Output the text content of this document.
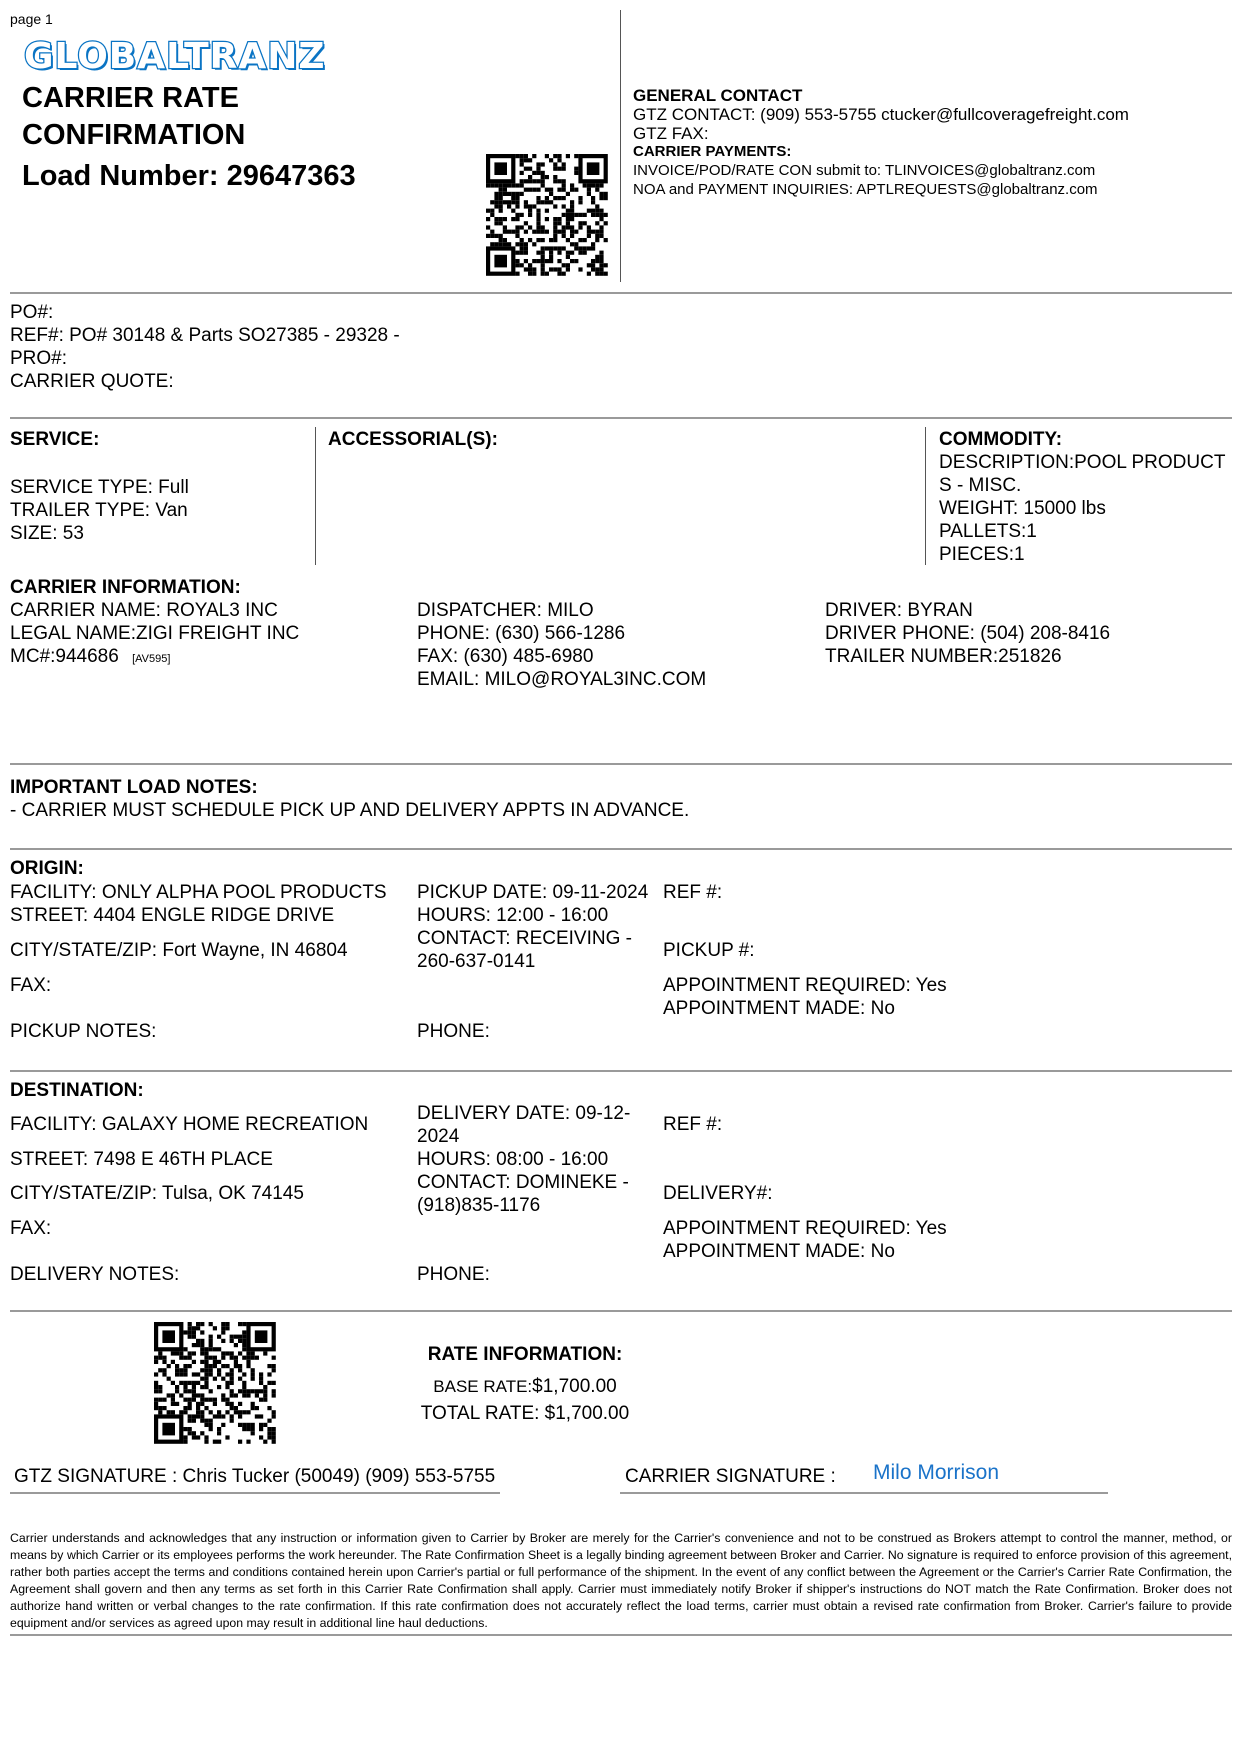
page 1
GLOBALTRANZ
CARRIER RATE
CONFIRMATION
Load Number: 29647363
GENERAL CONTACT
GTZ CONTACT: (909) 553-5755 ctucker@fullcoveragefreight.com
GTZ FAX:
CARRIER PAYMENTS:
INVOICE/POD/RATE CON submit to: TLINVOICES@globaltranz.com
NOA and PAYMENT INQUIRIES: APTLREQUESTS@globaltranz.com
PO#:
REF#: PO# 30148 & Parts SO27385 - 29328 -
PRO#:
CARRIER QUOTE:
SERVICE:
SERVICE TYPE: Full
TRAILER TYPE: Van
SIZE: 53
ACCESSORIAL(S):	COMMODITY:
DESCRIPTION:POOL PRODUCT
S - MISC.
WEIGHT: 15000 lbs
PALLETS:1
PIECES:1
CARRIER INFORMATION:
CARRIER NAME: ROYAL3 INC
LEGAL NAME:ZIGI FREIGHT INC
MC#:944686 [AV595]
DISPATCHER: MILO
PHONE: (630) 566-1286
FAX: (630) 485-6980
EMAIL: MILO@ROYAL3INC.COM
DRIVER: BYRAN
DRIVER PHONE: (504) 208-8416
TRAILER NUMBER:251826
IMPORTANT LOAD NOTES:
- CARRIER MUST SCHEDULE PICK UP AND DELIVERY APPTS IN ADVANCE.
ORIGIN:
FACILITY: ONLY ALPHA POOL PRODUCTS
STREET: 4404 ENGLE RIDGE DRIVE
CITY/STATE/ZIP: Fort Wayne, IN 46804
FAX:
PICKUP NOTES:
PICKUP DATE: 09-11-2024
HOURS: 12:00 - 16:00
CONTACT: RECEIVING -
260-637-0141
PHONE:
REF #:
PICKUP #:
APPOINTMENT REQUIRED: Yes
APPOINTMENT MADE: No
DESTINATION:
FACILITY: GALAXY HOME RECREATION
STREET: 7498 E 46TH PLACE
CITY/STATE/ZIP: Tulsa, OK 74145
FAX:
DELIVERY NOTES:
DELIVERY DATE: 09-12-
2024
HOURS: 08:00 - 16:00
CONTACT: DOMINEKE -
(918)835-1176
PHONE:
REF #:
DELIVERY#:
APPOINTMENT REQUIRED: Yes
APPOINTMENT MADE: No
RATE INFORMATION:
BASE RATE:$1,700.00
TOTAL RATE: $1,700.00
GTZ SIGNATURE : Chris Tucker (50049) (909) 553-5755	CARRIER SIGNATURE : Milo Morrison
Carrier understands and acknowledges that any instruction or information given to Carrier by Broker are merely for the Carrier's convenience and not to be construed as Brokers attempt to control the manner, method, or means by which Carrier or its employees performs the work hereunder. The Rate Confirmation Sheet is a legally binding agreement between Broker and Carrier. No signature is required to enforce provision of this agreement, rather both parties accept the terms and conditions contained herein upon Carrier's partial or full performance of the shipment. In the event of any conflict between the Agreement or the Carrier's Carrier Rate Confirmation, the Agreement shall govern and then any terms as set forth in this Carrier Rate Confirmation shall apply. Carrier must immediately notify Broker if shipper's instructions do NOT match the Rate Confirmation. Broker does not authorize hand written or verbal changes to the rate confirmation. If this rate confirmation does not accurately reflect the load terms, carrier must obtain a revised rate confirmation from Broker. Carrier's failure to provide equipment and/or services as agreed upon may result in additional line haul deductions.
